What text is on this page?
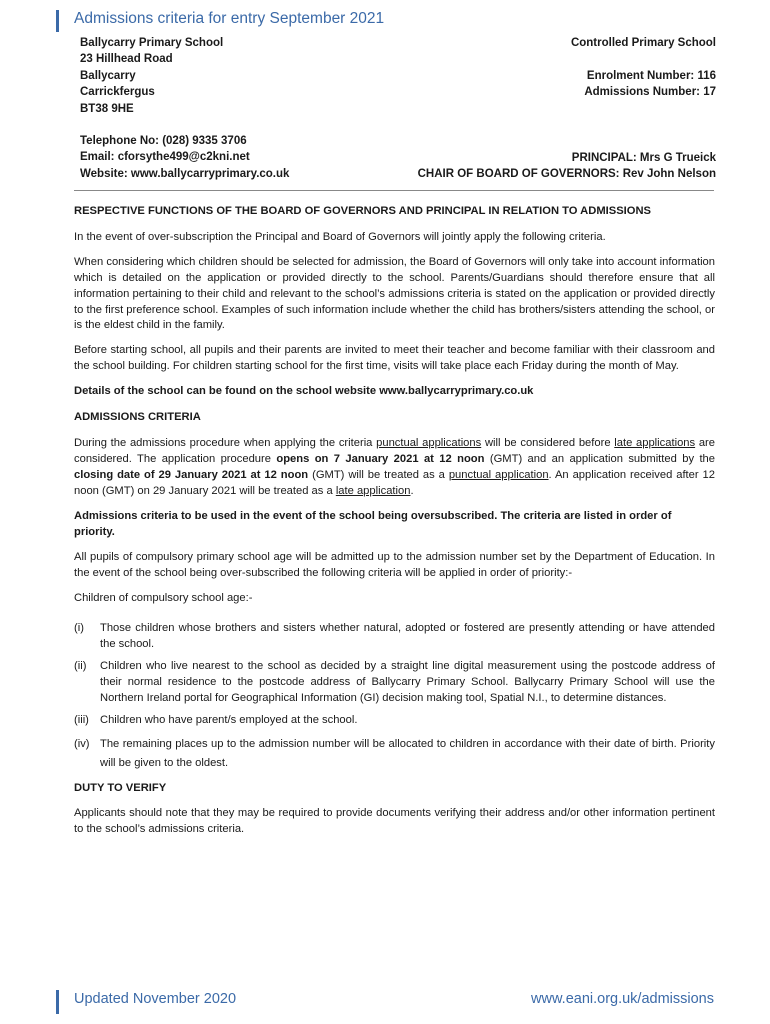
Admissions criteria for entry September 2021
Ballycarry Primary School
23 Hillhead Road
Ballycarry
Carrickfergus
BT38 9HE
Telephone No: (028) 9335 3706
Email: cforsythe499@c2kni.net
Website: www.ballycarryprimary.co.uk
Controlled Primary School
Enrolment Number: 116
Admissions Number: 17
PRINCIPAL: Mrs G Trueick
CHAIR OF BOARD OF GOVERNORS: Rev John Nelson

RESPECTIVE FUNCTIONS OF THE BOARD OF GOVERNORS AND PRINCIPAL IN RELATION TO ADMISSIONS

In the event of over-subscription the Principal and Board of Governors will jointly apply the following criteria.

When considering which children should be selected for admission, the Board of Governors will only take into account information which is detailed on the application or provided directly to the school. Parents/Guardians should therefore ensure that all information pertaining to their child and relevant to the school’s admissions criteria is stated on the application or provided directly to the first preference school. Examples of such information include whether the child has brothers/sisters attending the school, or is the eldest child in the family.

Before starting school, all pupils and their parents are invited to meet their teacher and become familiar with their classroom and the school building. For children starting school for the first time, visits will take place each Friday during the month of May.

Details of the school can be found on the school website www.ballycarryprimary.co.uk

ADMISSIONS CRITERIA

During the admissions procedure when applying the criteria punctual applications will be considered before late applications are considered. The application procedure opens on 7 January 2021 at 12 noon (GMT) and an application submitted by the closing date of 29 January 2021 at 12 noon (GMT) will be treated as a punctual application. An application received after 12 noon (GMT) on 29 January 2021 will be treated as a late application.

Admissions criteria to be used in the event of the school being oversubscribed. The criteria are listed in order of priority.

All pupils of compulsory primary school age will be admitted up to the admission number set by the Department of Education. In the event of the school being over-subscribed the following criteria will be applied in order of priority:-

Children of compulsory school age:-

(i)	Those children whose brothers and sisters whether natural, adopted or fostered are presently attending or have attended the school.
(ii)	Children who live nearest to the school as decided by a straight line digital measurement using the postcode address of their normal residence to the postcode address of Ballycarry Primary School. Ballycarry Primary School will use the Northern Ireland portal for Geographical Information (GI) decision making tool, Spatial N.I., to determine distances.
(iii) Children who have parent/s employed at the school.
(iv) The remaining places up to the admission number will be allocated to children in accordance with their date of birth. Priority will be given to the oldest.

DUTY TO VERIFY

Applicants should note that they may be required to provide documents verifying their address and/or other information pertinent to the school’s admissions criteria.

Updated November 2020	www.eani.org.uk/admissions
